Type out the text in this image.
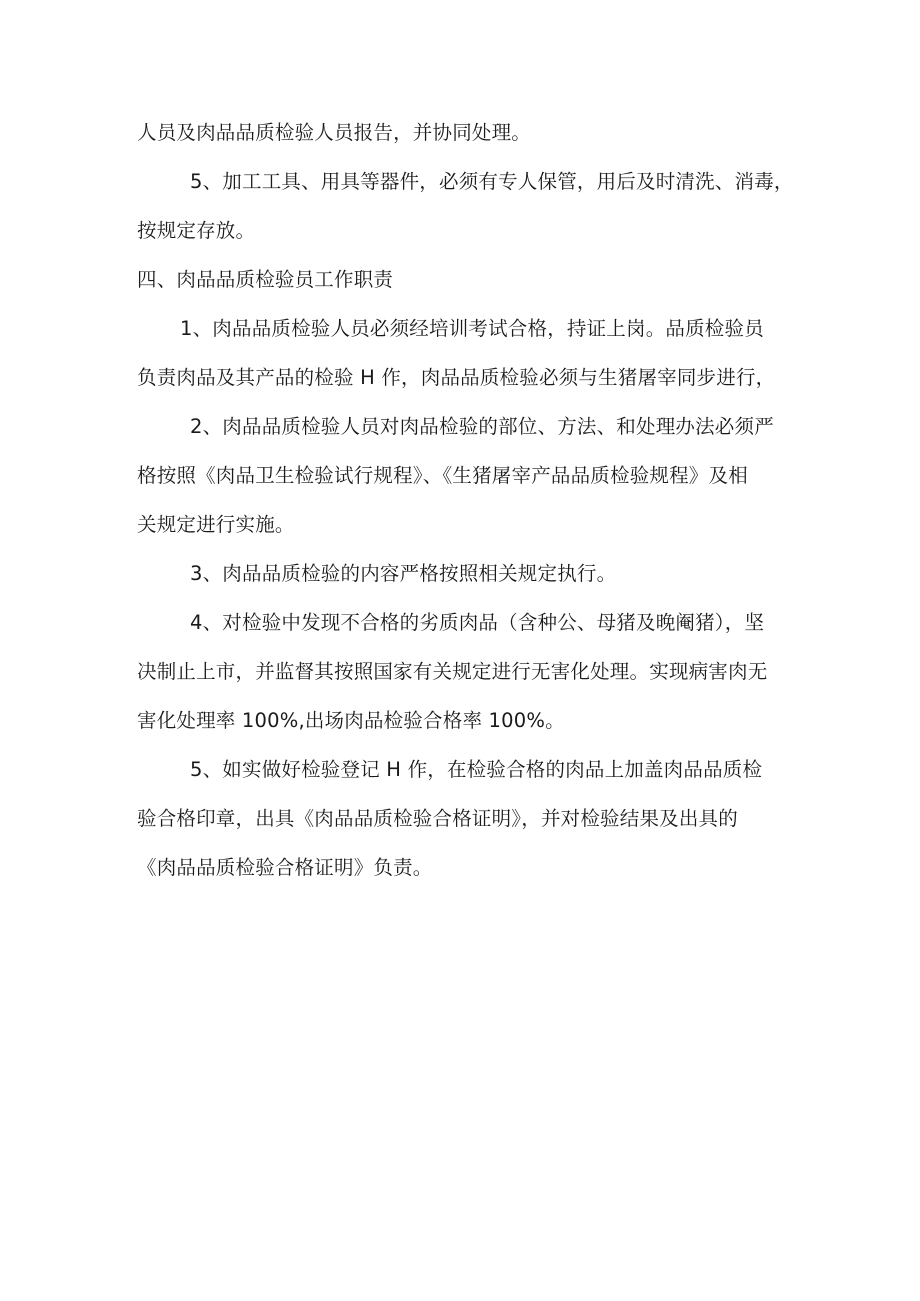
人员及肉品品质检验人员报告，并协同处理。
5、加工工具、用具等器件，必须有专人保管，用后及时清洗、消毒，
按规定存放。
四、肉品品质检验员工作职责
1、肉品品质检验人员必须经培训考试合格，持证上岗。品质检验员
负责肉品及其产品的检验 H 作，肉品品质检验必须与生猪屠宰同步进行，
2、肉品品质检验人员对肉品检验的部位、方法、和处理办法必须严
格按照《肉品卫生检验试行规程》、《生猪屠宰产品品质检验规程》及相
关规定进行实施。
3、肉品品质检验的内容严格按照相关规定执行。
4、对检验中发现不合格的劣质肉品（含种公、母猪及晚阉猪），坚
决制止上市，并监督其按照国家有关规定进行无害化处理。实现病害肉无
害化处理率 100%,出场肉品检验合格率 100%。
5、如实做好检验登记 H 作，在检验合格的肉品上加盖肉品品质检
验合格印章，出具《肉品品质检验合格证明》，并对检验结果及出具的
《肉品品质检验合格证明》负责。
